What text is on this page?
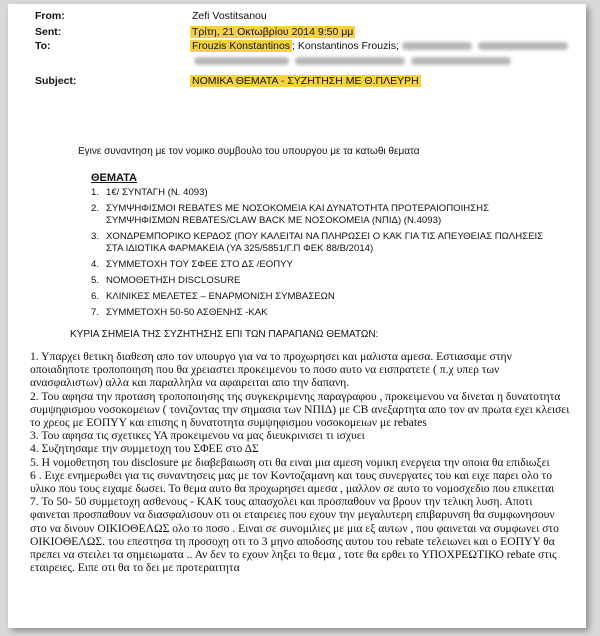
From:	Zefi Vostitsanou
Sent:	Τρίτη, 21 Οκτωβρίου 2014 9:50 μμ
To:	Frouzis Konstantinos ; Konstantinos Frouzis;

Subject:	ΝΟΜΙΚΑ ΘΕΜΑΤΑ - ΣΥΖΗΤΗΣΗ ΜΕ Θ.ΠΛΕΥΡΗ
Εγινε συναντηση με τον νομικο συμβουλο του υπουργου με τα κατωθι θεματα
ΘΕΜΑΤΑ
1. 1€/ ΣΥΝΤΑΓΗ (Ν. 4093)
2. ΣΥΜΨΗΦΙΣΜΟΙ REBATES ΜΕ ΝΟΣΟΚΟΜΕΙΑ ΚΑΙ ΔΥΝΑΤΟΤΗΤΑ ΠΡΟΤΕΡΑΙΟΠΟΙΗΣΗΣ ΣΥΜΨΗΦΙΣΜΩΝ REBATES/CLAW BACK ΜΕ ΝΟΣΟΚΟΜΕΙΑ (ΝΠΙΔ) (Ν.4093)
3. ΧΟΝΔΡΕΜΠΟΡΙΚΟ ΚΕΡΔΟΣ (ΠΟΥ ΚΑΛΕΙΤΑΙ ΝΑ ΠΛΗΡΩΣΕΙ Ο ΚΑΚ ΓΙΑ ΤΙΣ ΑΠΕΥΘΕΙΑΣ ΠΩΛΗΣΕΙΣ ΣΤΑ ΙΔΙΩΤΙΚΑ ΦΑΡΜΑΚΕΙΑ (ΥΑ 325/5851/Γ.Π ΦΕΚ 88/Β/2014)
4. ΣΥΜΜΕΤΟΧΗ ΤΟΥ ΣΦΕΕ ΣΤΟ ΔΣ /ΕΟΠΥΥ
5. ΝΟΜΟΘΕΤΗΣΗ DISCLOSURE
6. ΚΛΙΝΙΚΕΣ ΜΕΛΕΤΕΣ – ΕΝΑΡΜΟΝΙΣΗ ΣΥΜΒΑΣΕΩΝ
7. ΣΥΜΜΕΤΟΧΗ 50-50 ΑΣΘΕΝΗΣ -ΚΑΚ
ΚΥΡΙΑ ΣΗΜΕΙΑ ΤΗΣ ΣΥΖΗΤΗΣΗΣ ΕΠΙ ΤΩΝ ΠΑΡΑΠΑΝΩ ΘΕΜΑΤΩΝ:

1. Υπαρχει θετικη διαθεση απο τον υπουργο για να το προχωρησει και μαλιστα αμεσα. Εστιασαμε στην οποιαδηποτε τροποποιηση που θα χρειαστει προκειμενου το ποσο αυτο να εισπρατετε ( π.χ υπερ των ανασφαλιστων) αλλα και παραλληλα να αφαιρειται απο την δαπανη.

2. Του αφησα την προταση τροποποιησης της συγκεκριμενης παραγραφου , προκειμενου να δινεται η δυνατοτητα συμψηφισμου νοσοκομειων ( τονιζοντας την σημασια των ΝΠΙΔ) με CB ανεξαρτητα απο τον αν πρωτα εχει κλεισει το χρεος με ΕΟΠΥΥ και επισης η δυνατοτητα συμψηφισμου νοσοκομειων με rebates

3. Του αφησα τις σχετικες ΥΑ προκειμενου να μας διευκρινισει τι ισχυει

4. Συζητησαμε την συμμετοχη του ΣΦΕΕ στο ΔΣ

5. Η νομοθετηση του disclosure με διαβεβαιωση οτι θα ειναι μια αμεση νομικη ενεργεια την οποια θα επιδιωξει

6 . Ειχε ενημερωθει για τις συναντησεις μας με τον Κοντοζαμανη και τους συνεργατες του και ειχε παρει ολο το υλικο που τους ειχαμε δωσει. Το θεμα αυτο θα προχωρησει αμεσα , μαλλον σε αυτο το νομοσχεδιο που επικειται

7. Το 50- 50 συμμετοχη ασθενους - ΚΑΚ τους απασχολει και προσπαθουν να βρουν την τελικη λυση. Αποτι φαινεται προσπαθουν να διασφαλισουν οτι οι εταιρειες που εχουν την μεγαλυτερη επιβαρυνση θα συμφωνησουν στο να δινουν ΟΙΚΙΟΘΕΛΩΣ ολο το ποσο . Ειναι σε συνομιλιες με μια εξ αυτων , που φαινεται να συμφωνει στο ΟΙΚΙΟΘΕΛΩΣ. του επεστησα τη προσοχη οτι το 3 μηνο αποδοσης αυτου του rebate τελειωνει και ο ΕΟΠΥΥ θα πρεπει να στειλει τα σημειωματα .. Αν δεν το εχουν ληξει το θεμα , τοτε θα ερθει το ΥΠΟΧΡΕΩΤΙΚΟ rebate στις εταιρειες. Ειπε οτι θα το δει με προτεραιτητα
